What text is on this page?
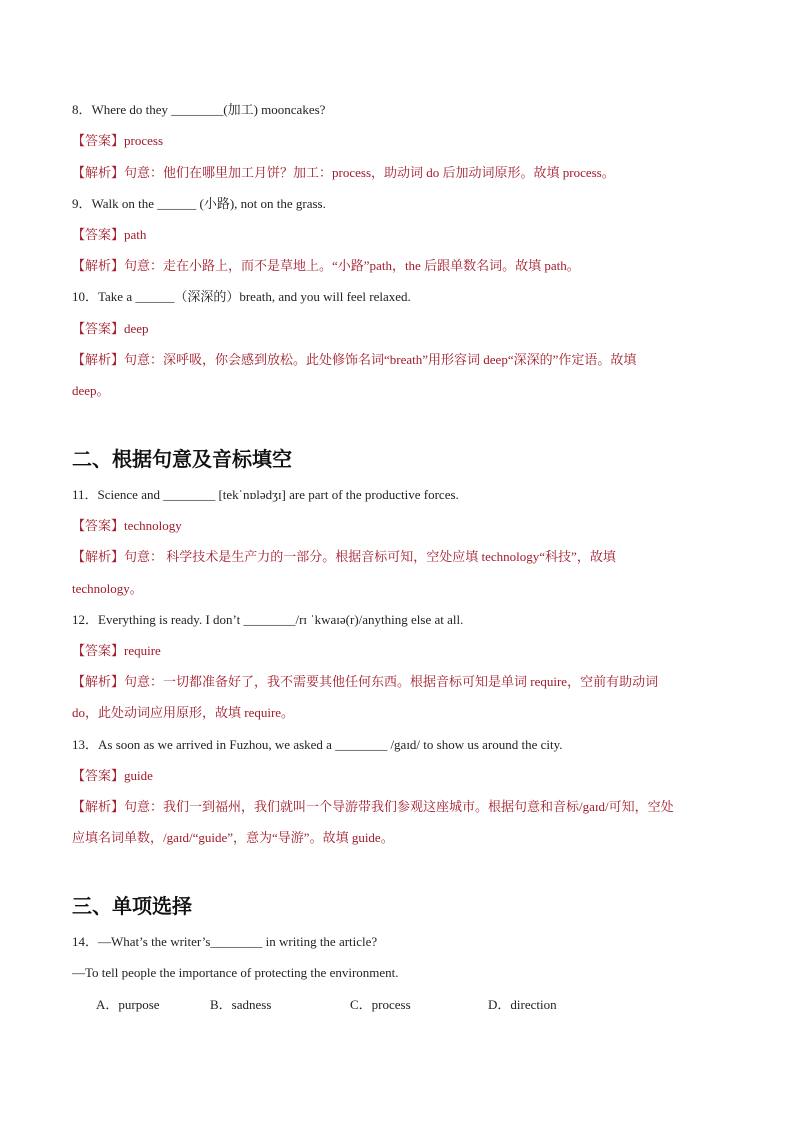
8．Where do they ________(加工) mooncakes?
【答案】process
【解析】句意：他们在哪里加工月饼？加工：process，助动词 do 后加动词原形。故填 process。
9．Walk on the ______ (小路), not on the grass.
【答案】path
【解析】句意：走在小路上，而不是草地上。“小路”path，the 后跟单数名词。故填 path。
10．Take a ______（深深的）breath, and you will feel relaxed.
【答案】deep
【解析】句意：深呼吸，你会感到放松。此处修饰名词“breath”用形容词 deep“深深的”作定语。故填
deep。
二、根据句意及音标填空
11．Science and ________ [tekˈnɒlədʒɪ] are part of the productive forces.
【答案】technology
【解析】句意： 科学技术是生产力的一部分。根据音标可知，空处应填 technology“科技”，故填
technology。
12．Everything is ready. I don’t ________/rɪ ˈkwaɪə(r)/anything else at all.
【答案】require
【解析】句意：一切都准备好了，我不需要其他任何东西。根据音标可知是单词 require，空前有助动词
do，此处动词应用原形，故填 require。
13．As soon as we arrived in Fuzhou, we asked a ________ /gaɪd/ to show us around the city.
【答案】guide
【解析】句意：我们一到福州，我们就叫一个导游带我们参观这座城市。根据句意和音标/gaɪd/可知，空处
应填名词单数，/gaɪd/“guide”，意为“导游”。故填 guide。
三、单项选择
14．—What’s the writer’s________ in writing the article?
—To tell people the importance of protecting the environment.
A．purpose	B．sadness	C．process	D．direction
